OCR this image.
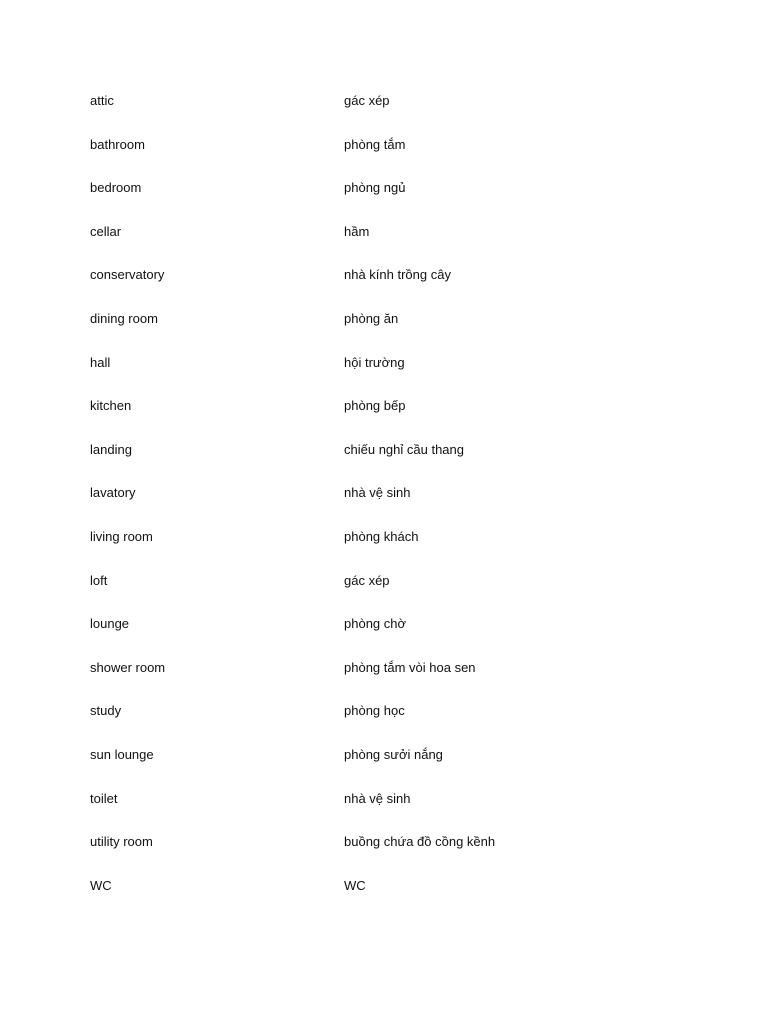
attic	gác xép
bathroom	phòng tắm
bedroom	phòng ngủ
cellar	hầm
conservatory	nhà kính trồng cây
dining room	phòng ăn
hall	hội trường
kitchen	phòng bếp
landing	chiếu nghỉ cầu thang
lavatory	nhà vệ sinh
living room	phòng khách
loft	gác xép
lounge	phòng chờ
shower room	phòng tắm vòi hoa sen
study	phòng học
sun lounge	phòng sưởi nắng
toilet	nhà vệ sinh
utility room	buồng chứa đồ cồng kềnh
WC	WC
